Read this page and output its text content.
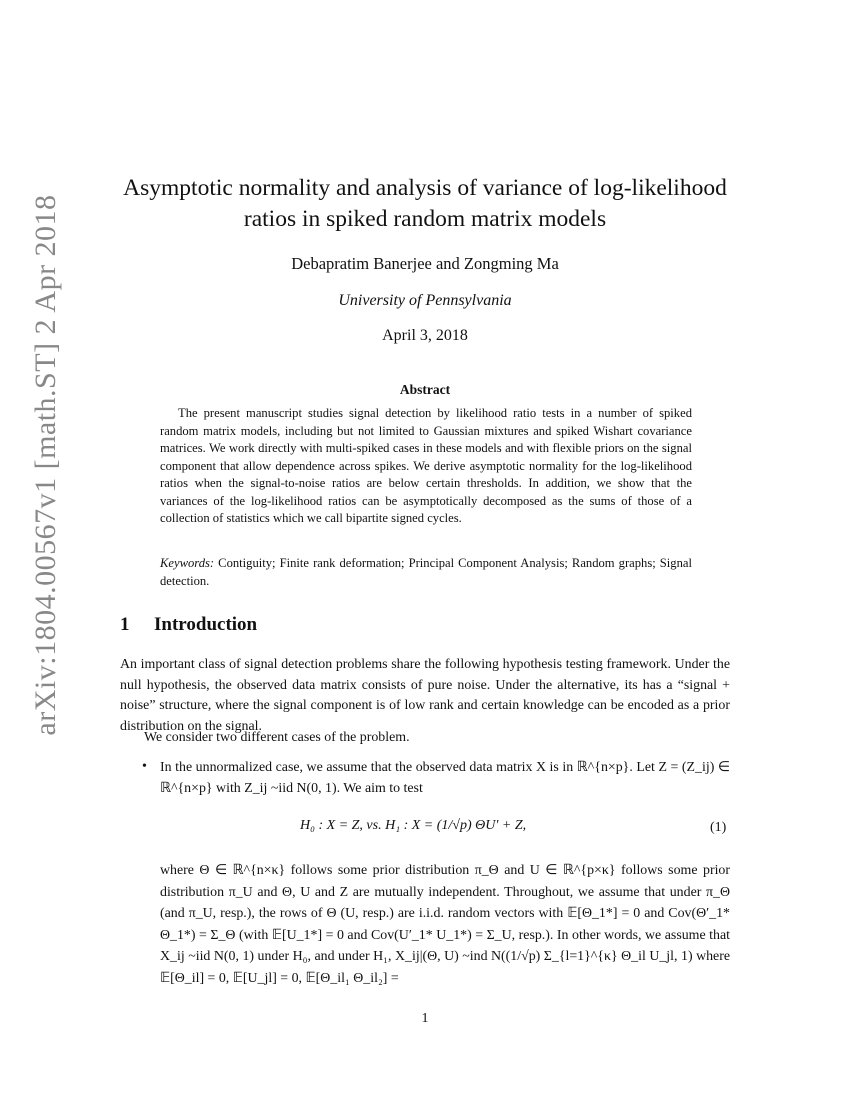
arXiv:1804.00567v1 [math.ST] 2 Apr 2018
Asymptotic normality and analysis of variance of log-likelihood ratios in spiked random matrix models
Debapratim Banerjee and Zongming Ma
University of Pennsylvania
April 3, 2018
Abstract
The present manuscript studies signal detection by likelihood ratio tests in a number of spiked random matrix models, including but not limited to Gaussian mixtures and spiked Wishart covariance matrices. We work directly with multi-spiked cases in these models and with flexible priors on the signal component that allow dependence across spikes. We derive asymptotic normality for the log-likelihood ratios when the signal-to-noise ratios are below certain thresholds. In addition, we show that the variances of the log-likelihood ratios can be asymptotically decomposed as the sums of those of a collection of statistics which we call bipartite signed cycles.
Keywords: Contiguity; Finite rank deformation; Principal Component Analysis; Random graphs; Signal detection.
1 Introduction
An important class of signal detection problems share the following hypothesis testing framework. Under the null hypothesis, the observed data matrix consists of pure noise. Under the alternative, its has a “signal + noise” structure, where the signal component is of low rank and certain knowledge can be encoded as a prior distribution on the signal.
We consider two different cases of the problem.
• In the unnormalized case, we assume that the observed data matrix X is in ℝ^{n×p}. Let Z = (Z_ij) ∈ ℝ^{n×p} with Z_ij ~iid N(0, 1). We aim to test
H₀ : X = Z, vs. H₁ : X = (1/√p) ΘU′ + Z,	(1)
where Θ ∈ ℝ^{n×κ} follows some prior distribution π_Θ and U ∈ ℝ^{p×κ} follows some prior distribution π_U and Θ, U and Z are mutually independent. Throughout, we assume that under π_Θ (and π_U, resp.), the rows of Θ (U, resp.) are i.i.d. random vectors with 𝔼[Θ_1*] = 0 and Cov(Θ′_1* Θ_1*) = Σ_Θ (with 𝔼[U_1*] = 0 and Cov(U′_1* U_1*) = Σ_U, resp.). In other words, we assume that X_ij ~iid N(0, 1) under H₀, and under H₁, X_ij|(Θ, U) ~ind N((1/√p) Σ_{l=1}^{κ} Θ_il U_jl, 1) where 𝔼[Θ_il] = 0, 𝔼[U_jl] = 0, 𝔼[Θ_il₁ Θ_il₂] =
1
